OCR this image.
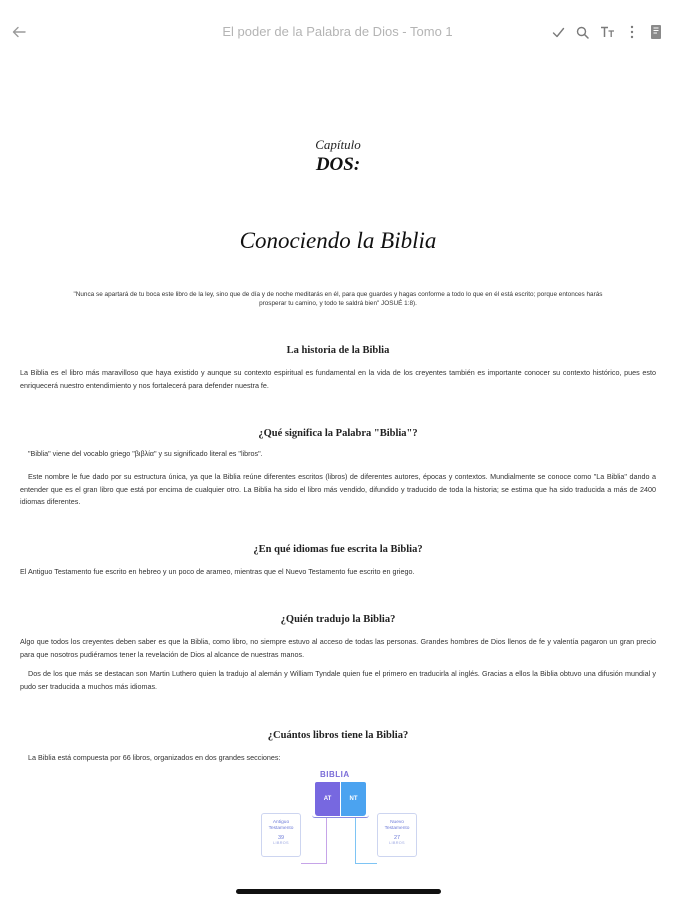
El poder de la Palabra de Dios - Tomo 1
Capítulo
DOS:
Conociendo la Biblia
"Nunca se apartará de tu boca este libro de la ley, sino que de día y de noche meditarás en él, para que guardes y hagas conforme a todo lo que en él está escrito; porque entonces harás prosperar tu camino, y todo te saldrá bien" JOSUÉ 1:8).
La historia de la Biblia
La Biblia es el libro más maravilloso que haya existido y aunque su contexto espiritual es fundamental en la vida de los creyentes también es importante conocer su contexto histórico, pues esto enriquecerá nuestro entendimiento y nos fortalecerá para defender nuestra fe.
¿Qué significa la Palabra "Biblia"?
"Biblia" viene del vocablo griego "βιβλία" y su significado literal es "libros".
Este nombre le fue dado por su estructura única, ya que la Biblia reúne diferentes escritos (libros) de diferentes autores, épocas y contextos. Mundialmente se conoce como "La Biblia" dando a entender que es el gran libro que está por encima de cualquier otro. La Biblia ha sido el libro más vendido, difundido y traducido de toda la historia; se estima que ha sido traducida a más de 2400 idiomas diferentes.
¿En qué idiomas fue escrita la Biblia?
El Antiguo Testamento fue escrito en hebreo y un poco de arameo, mientras que el Nuevo Testamento fue escrito en griego.
¿Quién tradujo la Biblia?
Algo que todos los creyentes deben saber es que la Biblia, como libro, no siempre estuvo al acceso de todas las personas. Grandes hombres de Dios llenos de fe y valentía pagaron un gran precio para que nosotros pudiéramos tener la revelación de Dios al alcance de nuestras manos.
Dos de los que más se destacan son Martin Luthero quien la tradujo al alemán y William Tyndale quien fue el primero en traducirla al inglés. Gracias a ellos la Biblia obtuvo una difusión mundial y pudo ser traducida a muchos más idiomas.
¿Cuántos libros tiene la Biblia?
La Biblia está compuesta por 66 libros, organizados en dos grandes secciones:
BIBLIA
AT	NT
Antiguo Testamento
39
LIBROS
Nuevo Testamento
27
LIBROS
